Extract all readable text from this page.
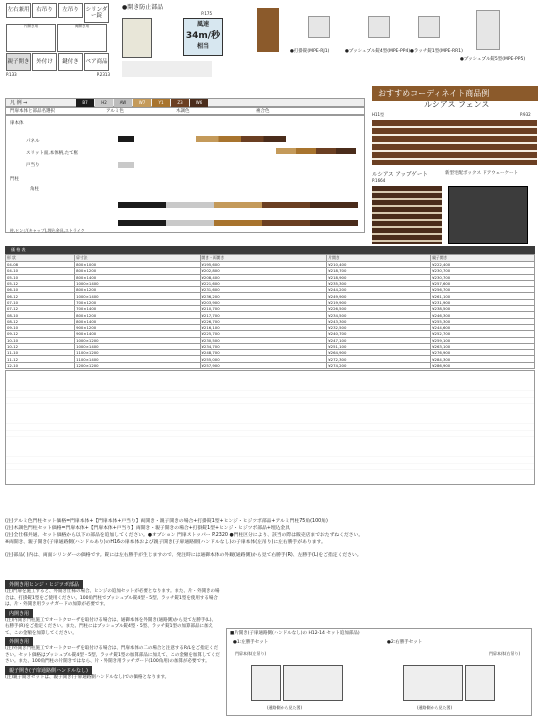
左右兼用	右吊り	左吊り	シリンダー錠
片開き用	両開き用
親子開き	外付け	鍵付き	ペア商品
P.133	P.2313
●開き防止部品
P.175
風速
34m/秒
相当
●打掛錠(MPE-RJ1)	●プッシュプル錠4型(MPE-PP4) ●ラッチ錠1型(MPE-RR1)
●プッシュプル錠5型(MPE-PP5)
おすすめコーディネイト商品例
ルシアス フェンス
H11型	P.932
ルシアス アップゲート	新型宅配ボックス ドアウェーケート
P.1664
凡 例 ⇒	B7	H2	AW	W7	Y1	Z3	W6
門扉本体と部品名選択	アルミ色	木調色	複合色
扉本体
パネル
スリット面,本体柄,たて框
戸当り
門柱
角柱
柱,ヒンジ(キャップ),埋込金具,ストライク
価 格 表
形 状	扉寸法	開き・両開き	片開き	親子開き
04-08	800×1000	¥195,600	¥210,400	¥222,400
04-10	800×1200	¥202,800	¥218,700	¥230,700
05-10	800×1400	¥208,400	¥218,900	¥230,700
05-12	1000×1400	¥221,600	¥235,300	¥257,600
06-10	800×1200	¥231,600	¥244,200	¥256,700
06-12	1000×1400	¥236,200	¥249,900	¥261,100
07-10	700×1200	¥203,900	¥219,900	¥231,900
07-12	700×1400	¥210,700	¥226,500	¥238,500
08-10	800×1200	¥217,700	¥234,500	¥246,300
08-12	800×1400	¥226,700	¥243,300	¥255,300
09-10	900×1200	¥216,100	¥232,500	¥244,600
09-12	900×1400	¥225,700	¥240,700	¥252,700
10-10	1000×1200	¥230,500	¥247,100	¥259,100
10-12	1000×1400	¥234,700	¥251,100	¥263,100
11-10	1100×1200	¥248,700	¥264,900	¥276,900
11-12	1100×1400	¥255,000	¥272,300	¥284,300
12-10	1200×1200	¥257,900	¥274,200	¥286,900

(注)アルミ色門柱セット価格=門扉本体+【門扉本体+戸当り】両開き・親子開きの場合+打掛錠1型+ヒンジ・ヒジツボ部品+アルミ門柱75角(100角)

(注)木調色門柱セット価格=門扉本体+【門扉本体+戸当り】両開き・親子開きの場合+打掛錠1型+ヒンジ・ヒジツボ部品+埋込金具

(注)全仕様共通、セット価格から以下の部品を追加してください。●オプション 門扉ストッパー P.2320 ●門柱区分により、該当の際は販売店までおたずねください。

※両開き、親子開き(子扉通路側(ハンドルあり)のH16の扉本体および親子開き(子扉通路側(ハンドルなし)の子扉本体(左吊り)に左右勝手があります。

(注)部品( )内は、両面シリンダーの価格です。錠には左右勝手が生じますので、発注時には通御本体の外観(通路側)から見て右勝手(R)、左勝手(L)をご指定ください。

外開き用ヒンジ・ヒジツボ部品

(注)門扉を施工すると、外開き仕様の場合、ヒンジの追加セットが必要となります。また、片・外開きの場合は、打掛錠1型をご使用ください。100角門柱でプッシュプル錠4型・5型、ラッチ錠1型を使用する場合は、片・外開き用ラッチガードの加算が必要です。

内開き用

(注)内開き門柱施工でオートクローザを取付ける場合は、通御本体を外開き(通路側)から見て左勝手(L)、右勝手(R)をご指定ください。また、門柱にはプッシュプル錠4型・5型、ラッチ錠1型の加算部品に加えて、この金額を加算してください。

外開き用

(注)外開き門柱施工でオートクローザを取付ける場合は、門扉本体の二の場合と注意するR/Lをご指定ください。セット価格はプッシュプル錠4型・5型、ラッチ錠1型の加算部品に加えて、この金額を加算してください。また、100角門柱の片開きではなら、片・外開き用ラッチガード(100角用)の加算が必要です。

親子開き(子扉通路側ハンドルなし)

(注)親子開きセットは、親子開き(子扉通路側ハンドルなし)での価格となります。

■片開き(子扉通路側(ハンドルなし)の H12-14 セット追加部品)
●1:左勝手セット	●2:右勝手セット
門扉本体(左吊り)	門扉本体(右吊り)
(通路側から見た図)	(通路側から見た図)
